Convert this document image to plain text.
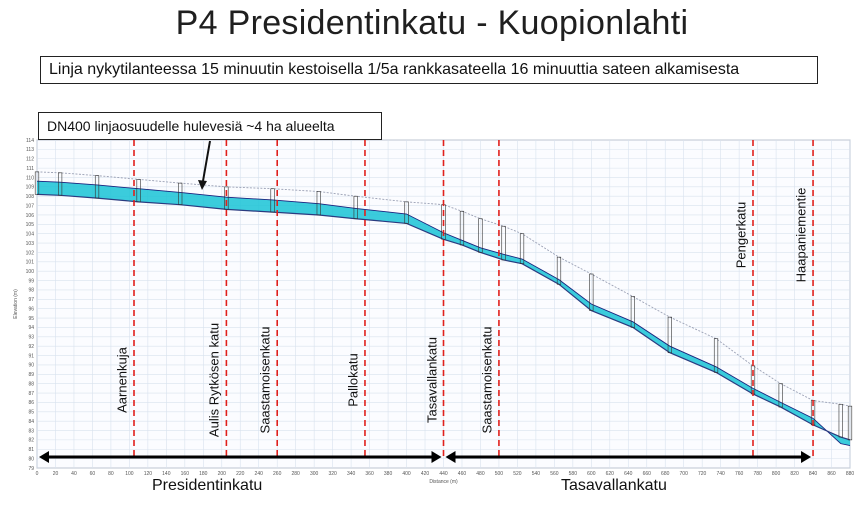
P4 Presidentinkatu - Kuopionlahti
Linjа nykytilanteessa 15 minuutin kestoisella 1/5a rankkasateella 16 minuuttia sateen alkamisesta
DN400 linjaosuudelle hulevesiä ~4 ha alueelta
79
80
81
82
83
84
85
86
87
88
89
90
91
92
93
94
95
96
97
98
99
100
101
102
103
104
105
106
107
108
109
110
111
112
113
114
0	20	40	60	80 100 120 140 160 180 200 220 240 260 280 300 320 340 360 380 400 420 440 460 480 500 520 540 560 580 600 620 640 660 680 700 720 740 760 780 800 820 840 860 880
Distance (m)
Elevation (m)
Aarnenkuja	Aulis Rytkösen katu	Saastamoisenkatu	Pallokatu	Tasavallankatu	Saastamoisenkatu
Pengerkatu	Haapaniementie
Presidentinkatu	Tasavallankatu
